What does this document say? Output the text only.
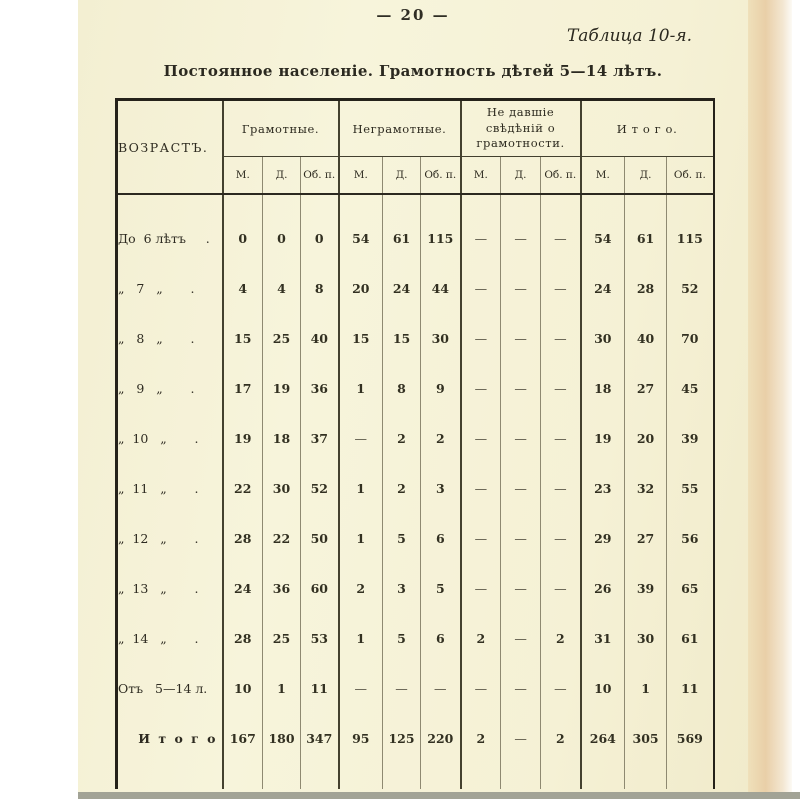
— 20 —
Таблица 10-я.
Постоянное населеніе. Грамотность дѣтей 5—14 лѣтъ.
ВОЗРАСТЪ.	Грамотные.			Неграмотные.			Не давшіе свѣдѣній о грамотности.			И т о г о.		
	М.	Д.	Об. п.	М.	Д.	Об. п.	М.	Д.	Об. п.	М.	Д.	Об. п.

До  6 лѣтъ     .	0	0	0	54	61	115	—	—	—	54	61	115
„   7   „       .	4	4	8	20	24	44	—	—	—	24	28	52
„   8   „       .	15	25	40	15	15	30	—	—	—	30	40	70
„   9   „       .	17	19	36	1	8	9	—	—	—	18	27	45
„  10   „       .	19	18	37	—	2	2	—	—	—	19	20	39
„  11   „       .	22	30	52	1	2	3	—	—	—	23	32	55
„  12   „       .	28	22	50	1	5	6	—	—	—	29	27	56
„  13   „       .	24	36	60	2	3	5	—	—	—	26	39	65
„  14   „       .	28	25	53	1	5	6	2	—	2	31	30	61
Отъ   5—14 л.	10	1	11	—	—	—	—	—	—	10	1	11
И т о г о	167	180	347	95	125	220	2	—	2	264	305	569
